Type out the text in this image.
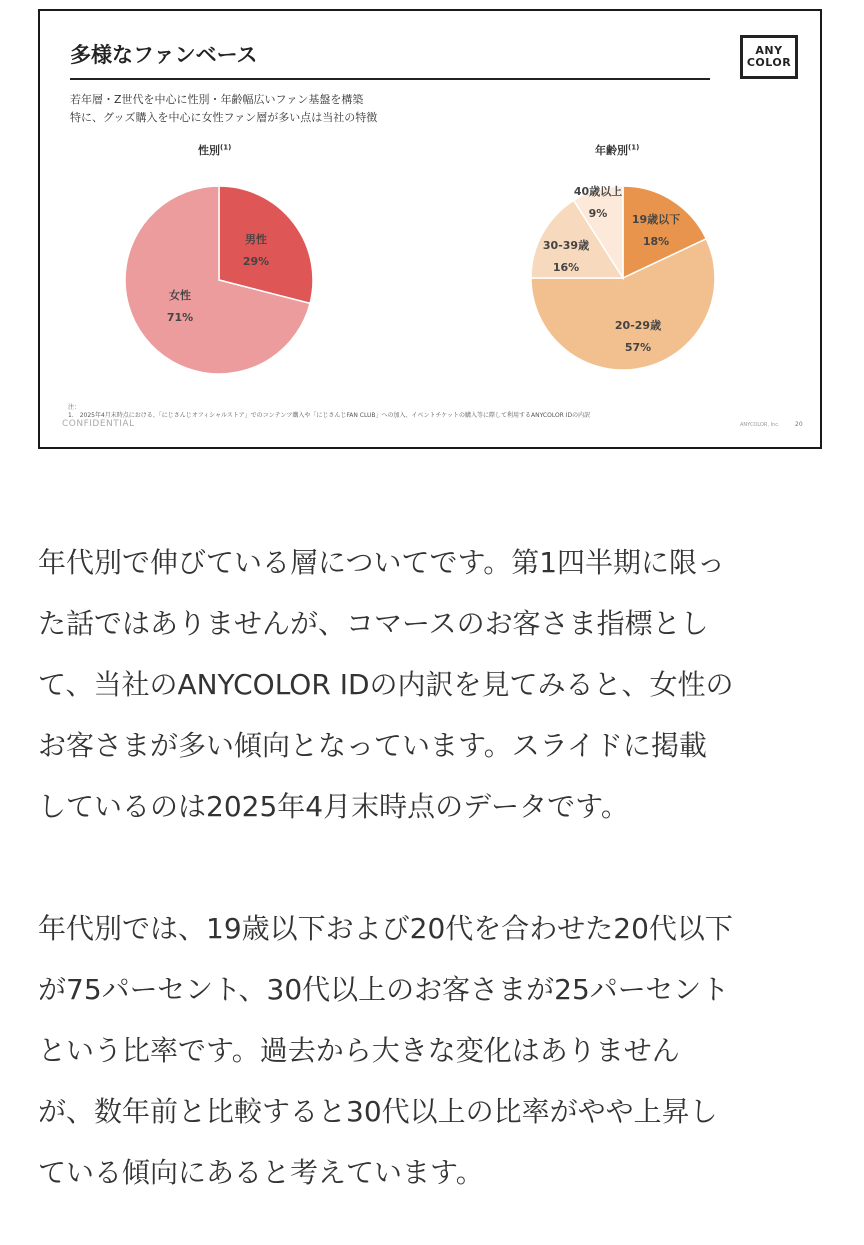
多様なファンベース	ANY
COLOR
若年層・Z世代を中心に性別・年齢幅広いファン基盤を構築
特に、グッズ購入を中心に女性ファン層が多い点は当社の特徴
性別$^{(1)}$	年齢別$^{(1)}$
男性
29%
女性
71%
19歳以下
18%
20-29歳
57%
30-39歳
16%
40歳以上
9%
注：
1.　2025年4月末時点における、「にじさんじオフィシャルストア」でのコンテンツ購入や「にじさんじFAN CLUB」への加入、イベントチケットの購入等に際して利用するANYCOLOR IDの内訳
CONFIDENTIAL	ANYCOLOR, Inc.	20

年代別で伸びている層についてです。第1四半期に限っ
た話ではありませんが、コマースのお客さま指標とし
て、当社のANYCOLOR IDの内訳を見てみると、女性の
お客さまが多い傾向となっています。スライドに掲載
しているのは2025年4月末時点のデータです。

年代別では、19歳以下および20代を合わせた20代以下
が75パーセント、30代以上のお客さまが25パーセント
という比率です。過去から大きな変化はありません
が、数年前と比較すると30代以上の比率がやや上昇し
ている傾向にあると考えています。
